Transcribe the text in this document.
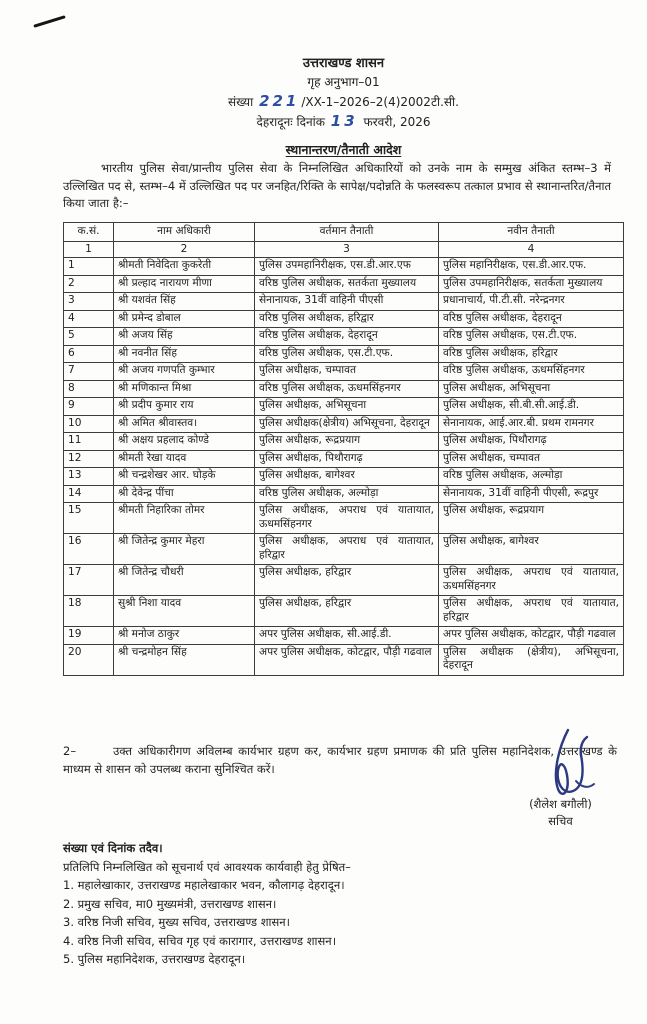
उत्तराखण्ड शासन
गृह अनुभाग–01
संख्या 221 /XX-1–2026–2(4)2002टी.सी.
देहरादूनः दिनांक 13 फरवरी, 2026
स्थानान्तरण/तैनाती आदेश
भारतीय पुलिस सेवा/प्रान्तीय पुलिस सेवा के निम्नलिखित अधिकारियों को उनके नाम के सम्मुख अंकित स्तम्भ–3 में उल्लिखित पद से, स्तम्भ–4 में उल्लिखित पद पर जनहित/रिक्ति के सापेक्ष/पदोन्नति के फलस्वरूप तत्काल प्रभाव से स्थानान्तरित/तैनात किया जाता है:–
क.सं.	नाम अधिकारी	वर्तमान तैनाती	नवीन तैनाती
1	2	3	4
1	श्रीमती निवेदिता कुकरेती	पुलिस उपमहानिरीक्षक, एस.डी.आर.एफ	पुलिस महानिरीक्षक, एस.डी.आर.एफ.
2	श्री प्रल्हाद नारायण मीणा	वरिष्ठ पुलिस अधीक्षक, सतर्कता मुख्यालय	पुलिस उपमहानिरीक्षक, सतर्कता मुख्यालय
3	श्री यशवंत सिंह	सेनानायक, 31वीं वाहिनी पीएसी	प्रधानाचार्य, पी.टी.सी. नरेन्द्रनगर
4	श्री प्रमेन्द डोबाल	वरिष्ठ पुलिस अधीक्षक, हरिद्वार	वरिष्ठ पुलिस अधीक्षक, देहरादून
5	श्री अजय सिंह	वरिष्ठ पुलिस अधीक्षक, देहरादून	वरिष्ठ पुलिस अधीक्षक, एस.टी.एफ.
6	श्री नवनीत सिंह	वरिष्ठ पुलिस अधीक्षक, एस.टी.एफ.	वरिष्ठ पुलिस अधीक्षक, हरिद्वार
7	श्री अजय गणपति कुम्भार	पुलिस अधीक्षक, चम्पावत	वरिष्ठ पुलिस अधीक्षक, ऊधमसिंहनगर
8	श्री मणिकान्त मिश्रा	वरिष्ठ पुलिस अधीक्षक, ऊधमसिंहनगर	पुलिस अधीक्षक, अभिसूचना
9	श्री प्रदीप कुमार राय	पुलिस अधीक्षक, अभिसूचना	पुलिस अधीक्षक, सी.बी.सी.आई.डी.
10	श्री अमित श्रीवास्तव।	पुलिस अधीक्षक(क्षेत्रीय) अभिसूचना, देहरादून	सेनानायक, आई.आर.बी. प्रथम रामनगर
11	श्री अक्षय प्रहलाद कोण्डे	पुलिस अधीक्षक, रूद्रप्रयाग	पुलिस अधीक्षक, पिथौरागढ़
12	श्रीमती रेखा यादव	पुलिस अधीक्षक, पिथौरागढ़	पुलिस अधीक्षक, चम्पावत
13	श्री चन्द्रशेखर आर. घोड़के	पुलिस अधीक्षक, बागेश्वर	वरिष्ठ पुलिस अधीक्षक, अल्मोड़ा
14	श्री देवेन्द्र पींचा	वरिष्ठ पुलिस अधीक्षक, अल्मोड़ा	सेनानायक, 31वीं वाहिनी पीएसी, रूद्रपुर
15	श्रीमती निहारिका तोमर	पुलिस अधीक्षक, अपराध एवं यातायात, ऊधमसिंहनगर	पुलिस अधीक्षक, रूद्रप्रयाग
16	श्री जितेन्द्र कुमार मेहरा	पुलिस अधीक्षक, अपराध एवं यातायात, हरिद्वार	पुलिस अधीक्षक, बागेश्वर
17	श्री जितेन्द्र चौधरी	पुलिस अधीक्षक, हरिद्वार	पुलिस अधीक्षक, अपराध एवं यातायात, ऊधमसिंहनगर
18	सुश्री निशा यादव	पुलिस अधीक्षक, हरिद्वार	पुलिस अधीक्षक, अपराध एवं यातायात, हरिद्वार
19	श्री मनोज ठाकुर	अपर पुलिस अधीक्षक, सी.आई.डी.	अपर पुलिस अधीक्षक, कोटद्वार, पौड़ी गढवाल
20	श्री चन्द्रमोहन सिंह	अपर पुलिस अधीक्षक, कोटद्वार, पौड़ी गढवाल	पुलिस अधीक्षक (क्षेत्रीय), अभिसूचना, देहरादून
2–	उक्त अधिकारीगण अविलम्ब कार्यभार ग्रहण कर, कार्यभार ग्रहण प्रमाणक की प्रति पुलिस महानिदेशक, उत्तराखण्ड के माध्यम से शासन को उपलब्ध कराना सुनिश्चित करें।
(शैलेश बगौली)
सचिव
संख्या एवं दिनांक तदैव।
प्रतिलिपि निम्नलिखित को सूचनार्थ एवं आवश्यक कार्यवाही हेतु प्रेषित–
1. महालेखाकार, उत्तराखण्ड महालेखाकार भवन, कौलागढ़ देहरादून।
2. प्रमुख सचिव, मा0 मुख्यमंत्री, उत्तराखण्ड शासन।
3. वरिष्ठ निजी सचिव, मुख्य सचिव, उत्तराखण्ड शासन।
4. वरिष्ठ निजी सचिव, सचिव गृह एवं कारागार, उत्तराखण्ड शासन।
5. पुलिस महानिदेशक, उत्तराखण्ड देहरादून।
